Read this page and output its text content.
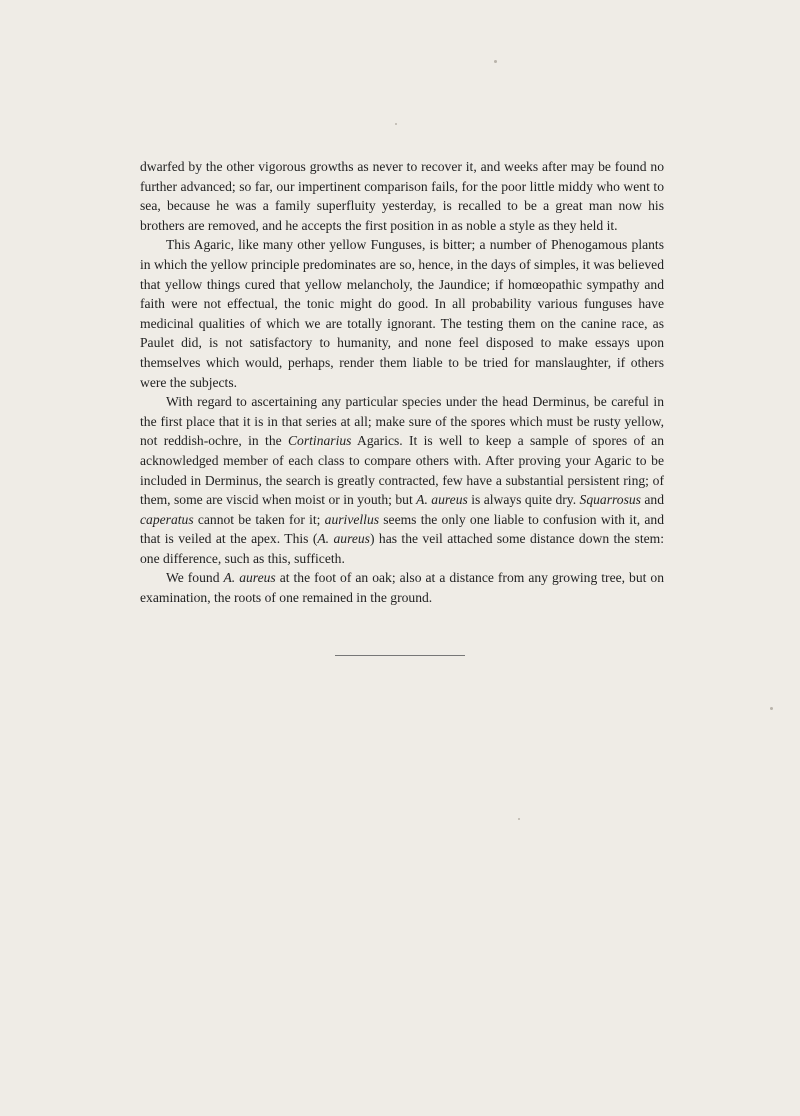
dwarfed by the other vigorous growths as never to recover it, and weeks after may be found no further advanced; so far, our impertinent comparison fails, for the poor little middy who went to sea, because he was a family superfluity yesterday, is recalled to be a great man now his brothers are removed, and he accepts the first position in as noble a style as they held it.

This Agaric, like many other yellow Funguses, is bitter; a number of Phenogamous plants in which the yellow principle predominates are so, hence, in the days of simples, it was believed that yellow things cured that yellow melancholy, the Jaundice; if homœopathic sympathy and faith were not effectual, the tonic might do good. In all probability various funguses have medicinal qualities of which we are totally ignorant. The testing them on the canine race, as Paulet did, is not satisfactory to humanity, and none feel disposed to make essays upon themselves which would, perhaps, render them liable to be tried for manslaughter, if others were the subjects.

With regard to ascertaining any particular species under the head Derminus, be careful in the first place that it is in that series at all; make sure of the spores which must be rusty yellow, not reddish-ochre, in the Cortinarius Agarics. It is well to keep a sample of spores of an acknowledged member of each class to compare others with. After proving your Agaric to be included in Derminus, the search is greatly contracted, few have a substantial persistent ring; of them, some are viscid when moist or in youth; but A. aureus is always quite dry. Squarrosus and caperatus cannot be taken for it; aurivellus seems the only one liable to confusion with it, and that is veiled at the apex. This (A. aureus) has the veil attached some distance down the stem: one difference, such as this, sufficeth.

We found A. aureus at the foot of an oak; also at a distance from any growing tree, but on examination, the roots of one remained in the ground.
